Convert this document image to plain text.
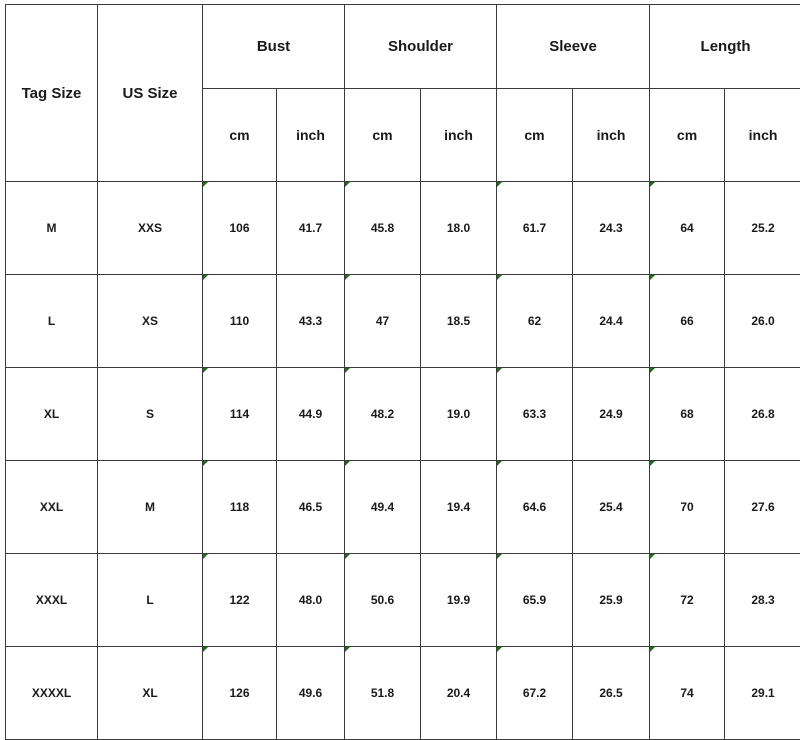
Tag Size	US Size	Bust		Shoulder		Sleeve		Length	
		cm	inch	cm	inch	cm	inch	cm	inch
M	XXS	106	41.7	45.8	18.0	61.7	24.3	64	25.2
L	XS	110	43.3	47	18.5	62	24.4	66	26.0
XL	S	114	44.9	48.2	19.0	63.3	24.9	68	26.8
XXL	M	118	46.5	49.4	19.4	64.6	25.4	70	27.6
XXXL	L	122	48.0	50.6	19.9	65.9	25.9	72	28.3
XXXXL	XL	126	49.6	51.8	20.4	67.2	26.5	74	29.1
